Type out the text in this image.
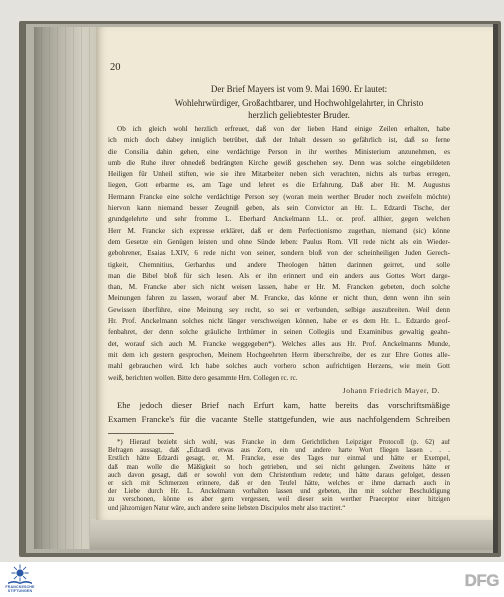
20
Der Brief Mayers ist vom 9. Mai 1690. Er lautet:
Wohlehrwürdiger, Großachtbarer, und Hochwohlgelahrter, in Christo
herzlich geliebtester Bruder.
Ob ich gleich wohl herzlich erfreuet, daß von der lieben Hand einige Zeilen erhalten, habe
ich mich doch dabey inniglich betrübet, daß der Inhalt dessen so gefährlich ist, daß so ferne
die Consilia dahin gehen, eine verdächtige Person in ihr werthes Ministerium anzunehmen, es
umb die Ruhe ihrer ohnedeß bedrängten Kirche gewiß geschehen sey. Denn was solche eingebildeten
Heiligen für Unheil stiften, wie sie ihre Mitarbeiter neben sich verachten, nichts als turbas erregen,
liegen, Gott erbarme es, am Tage und lehret es die Erfahrung. Daß aber Hr. M. Augustus
Hermann Francke eine solche verdächtige Person sey (woran mein werther Bruder noch zweifeln möchte)
hiervon kann niemand besser Zeugniß geben, als sein Convictor an Hr. L. Edzardi Tische, der
grundgelehrte und sehr fromme L. Eberhard Anckelmann LL. or. prof. allhier, gegen welchen
Herr M. Francke sich expresse erkläret, daß er dem Perfectionismo zugethan, niemand (sic) könne
dem Gesetze ein Genügen leisten und ohne Sünde leben: Paulus Rom. VII rede nicht als ein Wieder-
gebohrener, Esaias LXIV, 6 rede nicht von seiner, sondern bloß von der scheinheiligen Juden Gerech-
tigkeit, Chemnitius, Gerhardus und andere Theologen hätten darinnen geirret, und solle
man die Bibel bloß für sich lesen. Als er ihn erinnert und ein anders aus Gottes Wort darge-
than, M. Francke aber sich nicht weisen lassen, habe er Hr. M. Francken gebeten, doch solche
Meinungen fahren zu lassen, worauf aber M. Francke, das könne er nicht thun, denn wenn ihn sein
Gewissen überführe, eine Meinung sey recht, so sei er verbunden, selbige auszubreiten. Weil denn
Hr. Prof. Anckelmann solches nicht länger verschweigen können, habe er es dem Hr. L. Edzardo geof-
fenbahret, der denn solche gräuliche Irrthümer in seinen Collegiis und Examinibus gewaltig geahn-
det, worauf sich auch M. Francke weggegeben*). Welches alles aus Hr. Prof. Anckelmanns Munde,
mit dem ich gestern gesprochen, Meinem Hochgeehrten Herrn überschreibe, der es zur Ehre Gottes alle-
mahl gebrauchen wird. Ich habe solches auch vorhero schon aufrichtigen Herzens, wie mein Gott
weiß, berichten wollen. Bitte dero gesammte Hrn. Collegen rc. rc.
Johann Friedrich Mayer, D.
Ehe jedoch dieser Brief nach Erfurt kam, hatte bereits das vorschriftsmäßige
Examen Francke's für die vacante Stelle stattgefunden, wie aus nachfolgendem Schreiben
*) Hierauf bezieht sich wohl, was Francke in dem Gerichtlichen Leipziger Protocoll (p. 62) auf
Befragen aussagt, daß „Edzardi etwas aus Zorn, ein und andere harte Wort fliegen lassen . . .
Erstlich hätte Edzardi gesagt, er, M. Francke, esse des Tages nur einmal und hätte er Exempel,
daß man wolle die Mäßigkeit so hoch getrieben, und sei nicht gelungen. Zweitens hätte er
auch davon gesagt, daß er sowohl von dem Christenthum redete; und hätte daraus gefolget, dessen
er sich mit Schmerzen erinnere, daß er den Teufel hätte, welches er ihme darnach auch in
der Liebe durch Hr. L. Anckelmann vorhalten lassen und gebeten, ihn mit solcher Beschuldigung
zu verschonen, könne es aber gern vergessen, weil dieser sein werther Praeceptor einer hitzigen
und jähzornigen Natur wäre, auch andere seine liebsten Discipulos mehr also tractiret.“
FRANCKESCHE
STIFTUNGEN
DFG
